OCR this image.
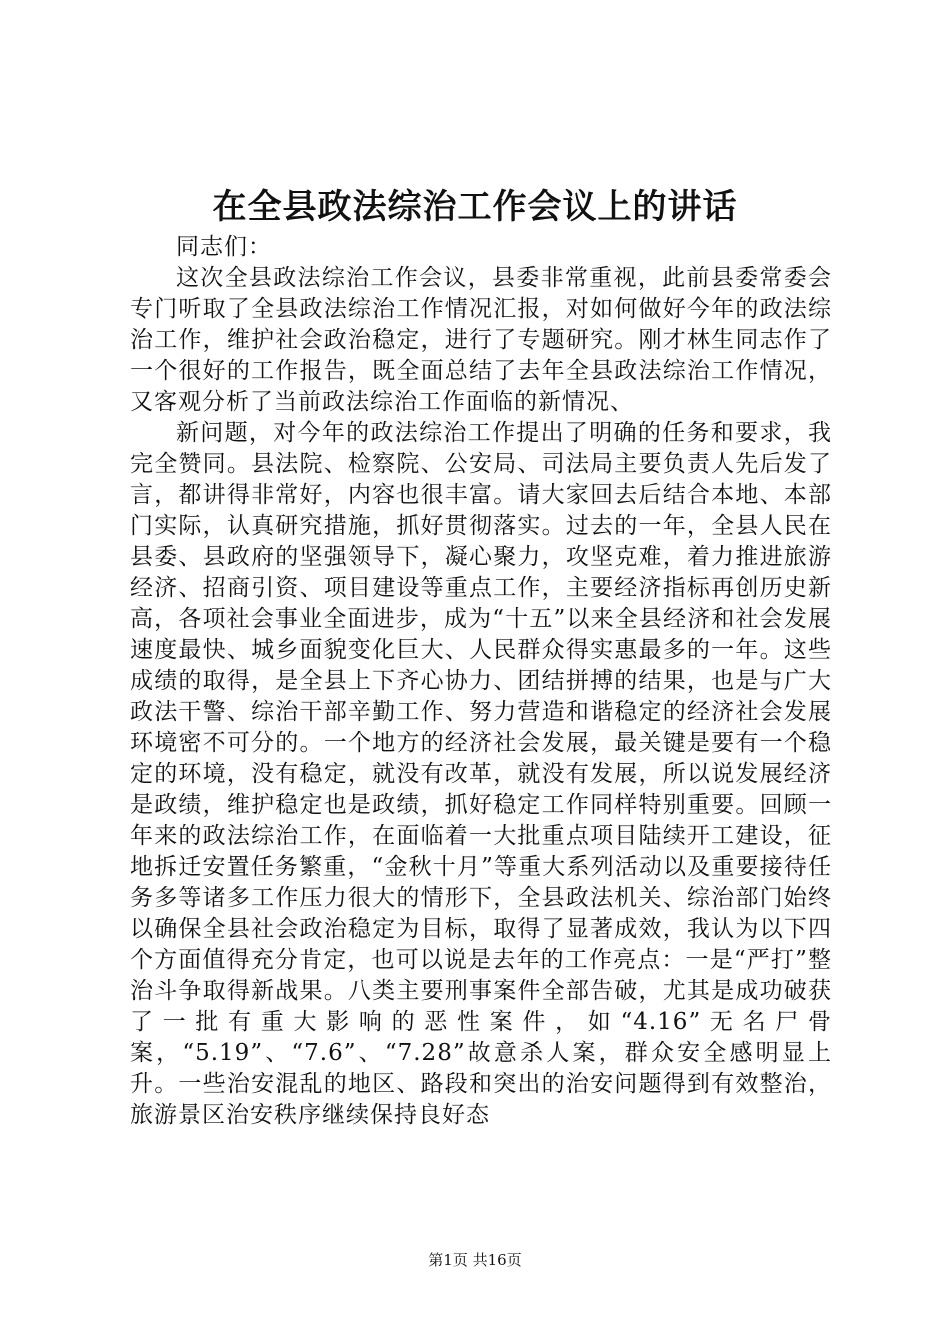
在全县政法综治工作会议上的讲话

同志们：

这次全县政法综治工作会议，县委非常重视，此前县委常委会专门听取了全县政法综治工作情况汇报，对如何做好今年的政法综治工作，维护社会政治稳定，进行了专题研究。刚才林生同志作了一个很好的工作报告，既全面总结了去年全县政法综治工作情况，又客观分析了当前政法综治工作面临的新情况、

新问题，对今年的政法综治工作提出了明确的任务和要求，我完全赞同。县法院、检察院、公安局、司法局主要负责人先后发了言，都讲得非常好，内容也很丰富。请大家回去后结合本地、本部门实际，认真研究措施，抓好贯彻落实。过去的一年，全县人民在县委、县政府的坚强领导下，凝心聚力，攻坚克难，着力推进旅游经济、招商引资、项目建设等重点工作，主要经济指标再创历史新高，各项社会事业全面进步，成为“十五”以来全县经济和社会发展速度最快、城乡面貌变化巨大、人民群众得实惠最多的一年。这些成绩的取得，是全县上下齐心协力、团结拼搏的结果，也是与广大政法干警、综治干部辛勤工作、努力营造和谐稳定的经济社会发展环境密不可分的。一个地方的经济社会发展，最关键是要有一个稳定的环境，没有稳定，就没有改革，就没有发展，所以说发展经济是政绩，维护稳定也是政绩，抓好稳定工作同样特别重要。回顾一年来的政法综治工作，在面临着一大批重点项目陆续开工建设，征地拆迁安置任务繁重，“金秋十月”等重大系列活动以及重要接待任务多等诸多工作压力很大的情形下，全县政法机关、综治部门始终以确保全县社会政治稳定为目标，取得了显著成效，我认为以下四个方面值得充分肯定，也可以说是去年的工作亮点：一是“严打”整治斗争取得新战果。八类主要刑事案件全部告破，尤其是成功破获了一批有重大影响的恶性案件，如“4.16”无名尸骨案，“5.19”、“7.6”、“7.28”故意杀人案，群众安全感明显上升。一些治安混乱的地区、路段和突出的治安问题得到有效整治，旅游景区治安秩序继续保持良好态

第1页 共16页
